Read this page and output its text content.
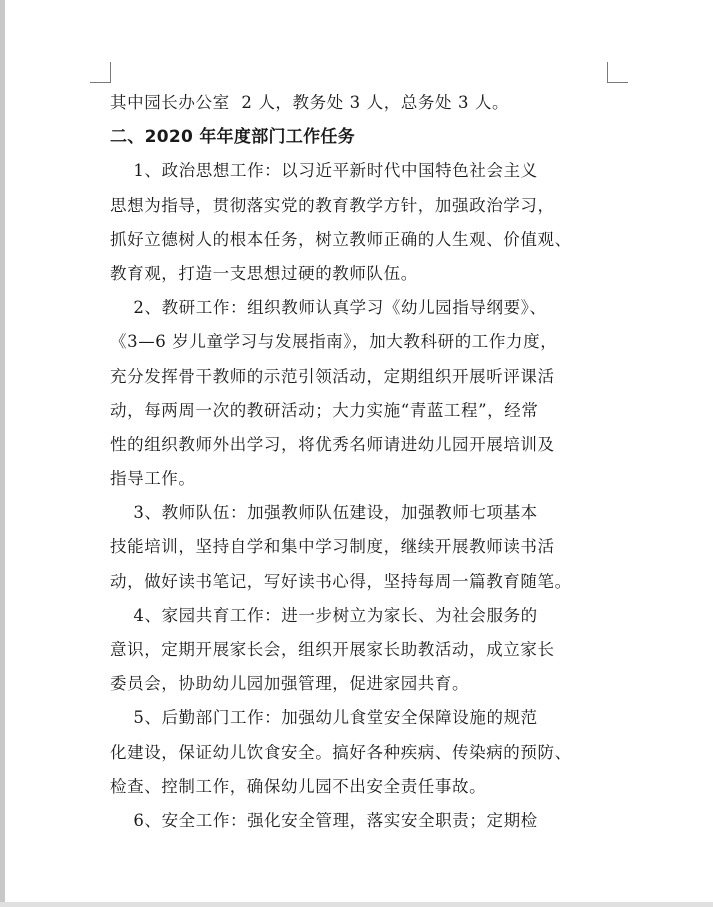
其中园长办公室  2 人，教务处 3 人，总务处 3 人。
二、2020 年年度部门工作任务
1、政治思想工作：以习近平新时代中国特色社会主义
思想为指导，贯彻落实党的教育教学方针，加强政治学习，
抓好立德树人的根本任务，树立教师正确的人生观、价值观、
教育观，打造一支思想过硬的教师队伍。
2、教研工作：组织教师认真学习《幼儿园指导纲要》、
《3—6 岁儿童学习与发展指南》，加大教科研的工作力度，
充分发挥骨干教师的示范引领活动，定期组织开展听评课活
动，每两周一次的教研活动；大力实施“青蓝工程”，经常
性的组织教师外出学习，将优秀名师请进幼儿园开展培训及
指导工作。
3、教师队伍：加强教师队伍建设，加强教师七项基本
技能培训，坚持自学和集中学习制度，继续开展教师读书活
动，做好读书笔记，写好读书心得，坚持每周一篇教育随笔。
4、家园共育工作：进一步树立为家长、为社会服务的
意识，定期开展家长会，组织开展家长助教活动，成立家长
委员会，协助幼儿园加强管理，促进家园共育。
5、后勤部门工作：加强幼儿食堂安全保障设施的规范
化建设，保证幼儿饮食安全。搞好各种疾病、传染病的预防、
检查、控制工作，确保幼儿园不出安全责任事故。
6、安全工作：强化安全管理，落实安全职责；定期检
